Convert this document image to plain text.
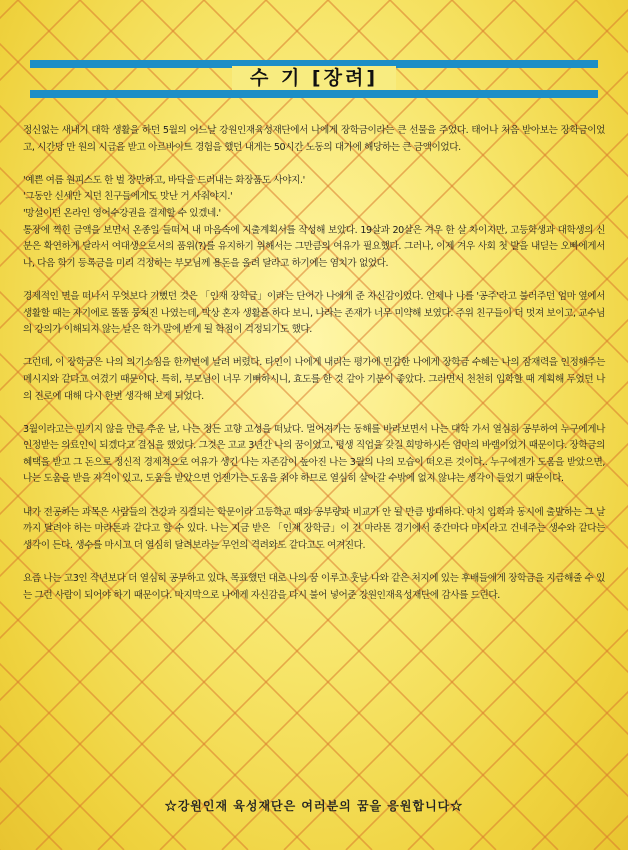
수 기 [장려]

정신없는 새내기 대학 생활을 하던 5월의 어느날 강원인재육성재단에서 나에게 장학금이라는 큰 선물을 주었다. 태어나 처음 받아보는 장학금이었고, 시간당 만 원의 시급을 받고 아르바이트 경험을 했던 내게는 50시간 노동의 대가에 해당하는 큰 금액이었다.

'예쁜 여름 원피스도 한 벌 장만하고, 바닥을 드러내는 화장품도 사야지.'
'그동안 신세만 지던 친구들에게도 맛난 거 사줘야지.'
'망설이던 온라인 영어수강권을 결제할 수 있겠네.'
통장에 찍힌 금액을 보면서 온종일 들떠서 내 마음속에 지출계획서를 작성해 보았다. 19살과 20살은 겨우 한 살 차이지만, 고등학생과 대학생의 신분은 확연하게 달라서 여대생으로서의 품위(?)를 유지하기 위해서는 그만큼의 여유가 필요했다. 그러나, 이제 겨우 사회 첫 발을 내딛는 오빠에게서나, 다음 학기 등록금을 미리 걱정하는 부모님께 용돈을 올려 달라고 하기에는 염치가 없었다.

경제적인 면을 떠나서 무엇보다 기뻤던 것은 「인재 장학금」이라는 단어가 나에게 준 자신감이었다. 언제나 나를 '공주'라고 불러주던 엄마 옆에서 생활할 때는 자기에로 똘똘 뭉쳐진 나였는데, 막상 혼자 생활을 하다 보니, 나라는 존재가 너무 미약해 보였다. 주위 친구들이 더 멋져 보이고, 교수님의 강의가 이해되지 않는 날은 학기 말에 받게 될 학점이 걱정되기도 했다.

그런데, 이 장학금은 나의 의기소침을 한꺼번에 날려 버렸다. 타인이 나에게 내리는 평가에 민감한 나에게 장학금 수혜는 나의 잠재력을 인정해주는 메시지와 같다고 여겼기 때문이다. 특히, 부모님이 너무 기뻐하시니, 효도를 한 것 같아 기분이 좋았다. 그러면서 천천히 입학할 때 계획해 두었던 나의 진로에 대해 다시 한번 생각해 보게 되었다.

3월이라고는 믿기지 않을 만큼 추운 날, 나는 정든 고향 고성을 떠났다. 멀어져가는 동해를 바라보면서 나는 대학 가서 열심히 공부하여 누구에게나 인정받는 의료인이 되겠다고 결심을 했었다. 그것은 고교 3년간 나의 꿈이었고, 평생 직업을 갖길 희망하시는 엄마의 바램이었기 때문이다. 장학금의 혜택을 받고 그 돈으로 정신적 경제적으로 여유가 생긴 나는 자존감이 높아진 나는 3월의 나의 모습이 떠오른 것이다.. 누구에겐가 도움을 받았으면, 나는 도움을 받을 자격이 있고, 도움을 받았으면 언젠가는 도움을 줘야 하므로 열심히 살아갈 수밖에 없지 않냐는 생각이 들었기 때문이다.

내가 전공하는 과목은 사람들의 건강과 직결되는 학문이라 고등학교 때와 공부량과 비교가 안 될 만큼 방대하다. 마치 입학과 동시에 출발하는 그 날까지 달려야 하는 마라톤과 같다고 할 수 있다. 나는 지금 받은 「인재 장학금」이 긴 마라톤 경기에서 중간마다 마시라고 건네주는 생수와 같다는 생각이 든다. 생수를 마시고 더 열심히 달려보라는 무언의 격려와도 같다고도 여겨진다.

요즘 나는 고3인 작년보다 더 열심히 공부하고 있다. 목표했던 대로 나의 꿈 이루고 훗날 나와 같은 처지에 있는 후배들에게 장학금을 지급해줄 수 있는 그런 사람이 되어야 하기 때문이다. 마지막으로 나에게 자신감을 다시 불어 넣어준 강원인재육성재단에 감사를 드린다.

☆강원인재 육성재단은 여러분의 꿈을 응원합니다☆
